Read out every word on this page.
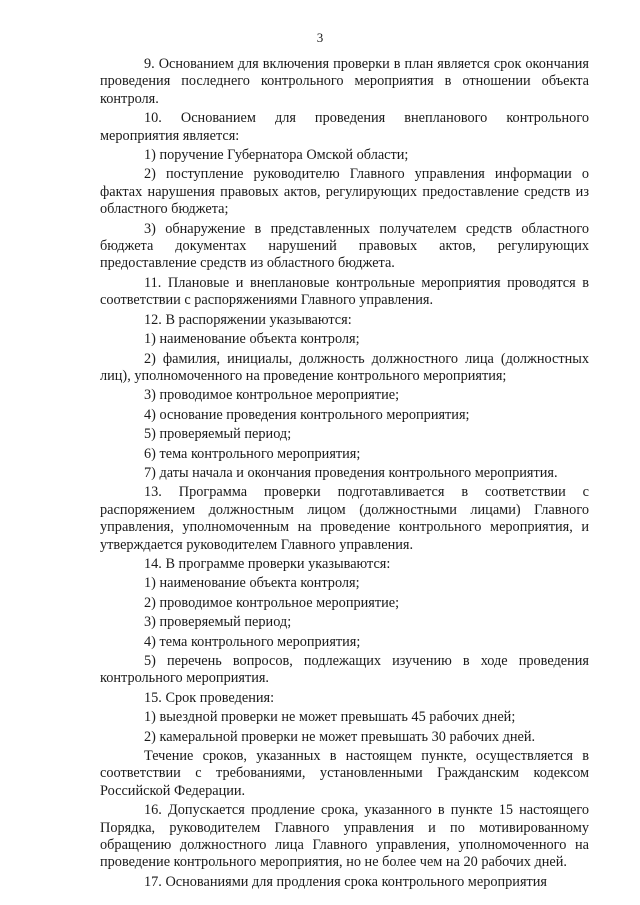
3

9. Основанием для включения проверки в план является срок окончания проведения последнего контрольного мероприятия в отношении объекта контроля.

10. Основанием для проведения внепланового контрольного мероприятия является:

1) поручение Губернатора Омской области;

2) поступление руководителю Главного управления информации о фактах нарушения правовых актов, регулирующих предоставление средств из областного бюджета;

3) обнаружение в представленных получателем средств областного бюджета документах нарушений правовых актов, регулирующих предоставление средств из областного бюджета.

11. Плановые и внеплановые контрольные мероприятия проводятся в соответствии с распоряжениями Главного управления.

12. В распоряжении указываются:

1) наименование объекта контроля;

2) фамилия, инициалы, должность должностного лица (должностных лиц), уполномоченного на проведение контрольного мероприятия;

3) проводимое контрольное мероприятие;

4) основание проведения контрольного мероприятия;

5) проверяемый период;

6) тема контрольного мероприятия;

7) даты начала и окончания проведения контрольного мероприятия.

13. Программа проверки подготавливается в соответствии с распоряжением должностным лицом (должностными лицами) Главного управления, уполномоченным на проведение контрольного мероприятия, и утверждается руководителем Главного управления.

14. В программе проверки указываются:

1) наименование объекта контроля;

2) проводимое контрольное мероприятие;

3) проверяемый период;

4) тема контрольного мероприятия;

5) перечень вопросов, подлежащих изучению в ходе проведения контрольного мероприятия.

15. Срок проведения:

1) выездной проверки не может превышать 45 рабочих дней;

2) камеральной проверки не может превышать 30 рабочих дней.

Течение сроков, указанных в настоящем пункте, осуществляется в соответствии с требованиями, установленными Гражданским кодексом Российской Федерации.

16. Допускается продление срока, указанного в пункте 15 настоящего Порядка, руководителем Главного управления и по мотивированному обращению должностного лица Главного управления, уполномоченного на проведение контрольного мероприятия, но не более чем на 20 рабочих дней.

17. Основаниями для продления срока контрольного мероприятия
